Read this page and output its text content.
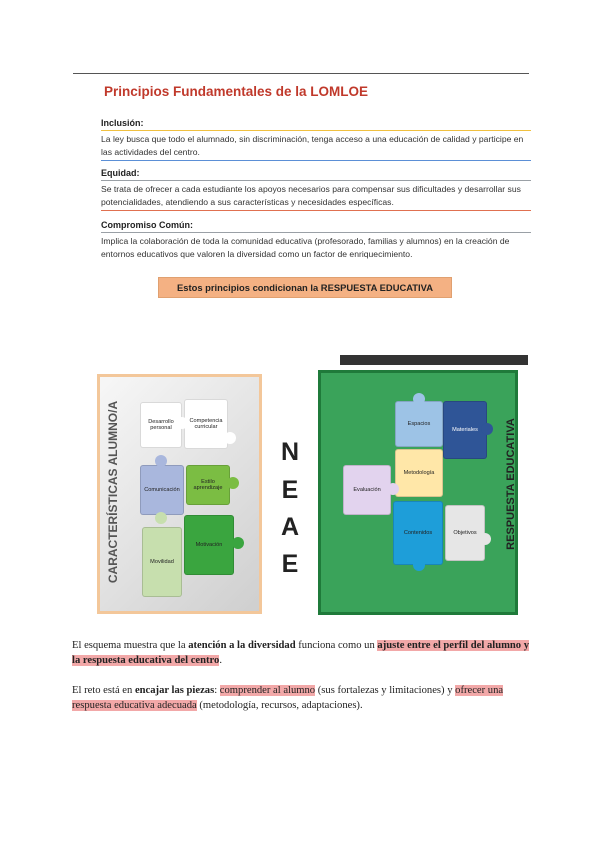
Principios Fundamentales de la LOMLOE
Inclusión:
La ley busca que todo el alumnado, sin discriminación, tenga acceso a una educación de calidad y participe en las actividades del centro.
Equidad:
Se trata de ofrecer a cada estudiante los apoyos necesarios para compensar sus dificultades y desarrollar sus potencialidades, atendiendo a sus características y necesidades específicas.
Compromiso Común:
Implica la colaboración de toda la comunidad educativa (profesorado, familias y alumnos) en la creación de entornos educativos que valoren la diversidad como un factor de enriquecimiento.
Estos principios condicionan la RESPUESTA EDUCATIVA
CARACTERÍSTICAS ALUMNO/A	Desarrollo personal
Competencia curricular
Comunicación
Estilo aprendizaje
Movilidad
Motivación
N
E
A
E
RESPUESTA EDUCATIVA
Espacios
Materiales
Metodología
Evaluación
Contenidos	Objetivos
El esquema muestra que la atención a la diversidad funciona como un ajuste entre el perfil del alumno y la respuesta educativa del centro.
El reto está en encajar las piezas: comprender al alumno (sus fortalezas y limitaciones) y ofrecer una respuesta educativa adecuada (metodología, recursos, adaptaciones).
